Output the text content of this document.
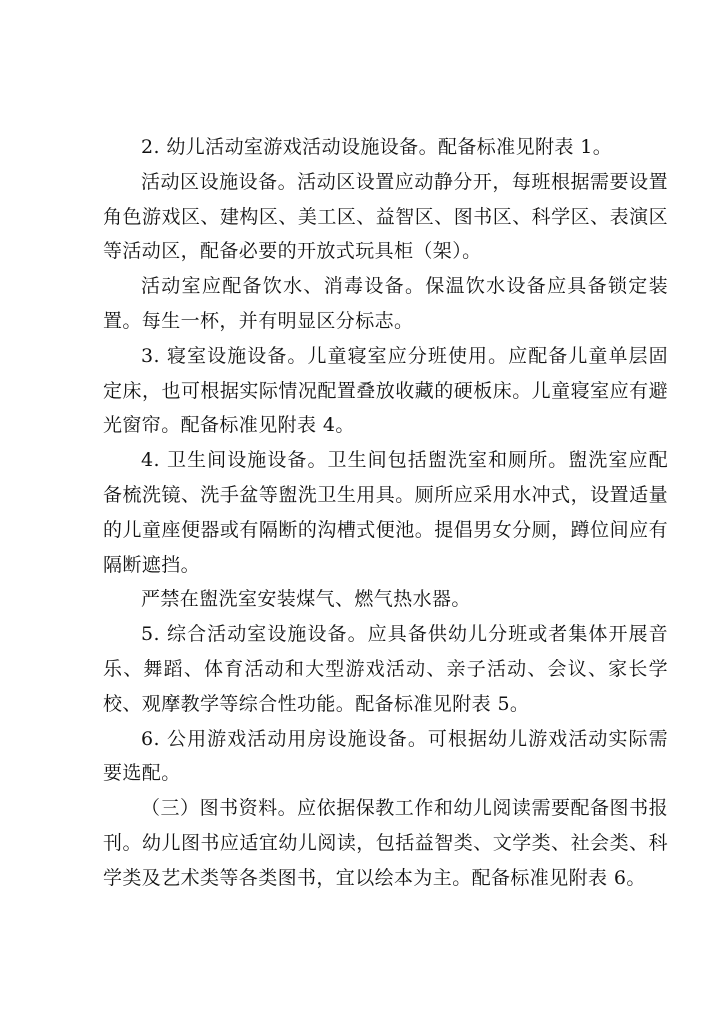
2. 幼儿活动室游戏活动设施设备。配备标准见附表 1。

活动区设施设备。活动区设置应动静分开，每班根据需要设置角色游戏区、建构区、美工区、益智区、图书区、科学区、表演区等活动区，配备必要的开放式玩具柜（架）。

活动室应配备饮水、消毒设备。保温饮水设备应具备锁定装置。每生一杯，并有明显区分标志。

3. 寝室设施设备。儿童寝室应分班使用。应配备儿童单层固定床，也可根据实际情况配置叠放收藏的硬板床。儿童寝室应有避光窗帘。配备标准见附表 4。

4. 卫生间设施设备。卫生间包括盥洗室和厕所。盥洗室应配备梳洗镜、洗手盆等盥洗卫生用具。厕所应采用水冲式，设置适量的儿童座便器或有隔断的沟槽式便池。提倡男女分厕，蹲位间应有隔断遮挡。

严禁在盥洗室安装煤气、燃气热水器。

5. 综合活动室设施设备。应具备供幼儿分班或者集体开展音乐、舞蹈、体育活动和大型游戏活动、亲子活动、会议、家长学校、观摩教学等综合性功能。配备标准见附表 5。

6. 公用游戏活动用房设施设备。可根据幼儿游戏活动实际需要选配。

（三）图书资料。应依据保教工作和幼儿阅读需要配备图书报刊。幼儿图书应适宜幼儿阅读，包括益智类、文学类、社会类、科学类及艺术类等各类图书，宜以绘本为主。配备标准见附表 6。
